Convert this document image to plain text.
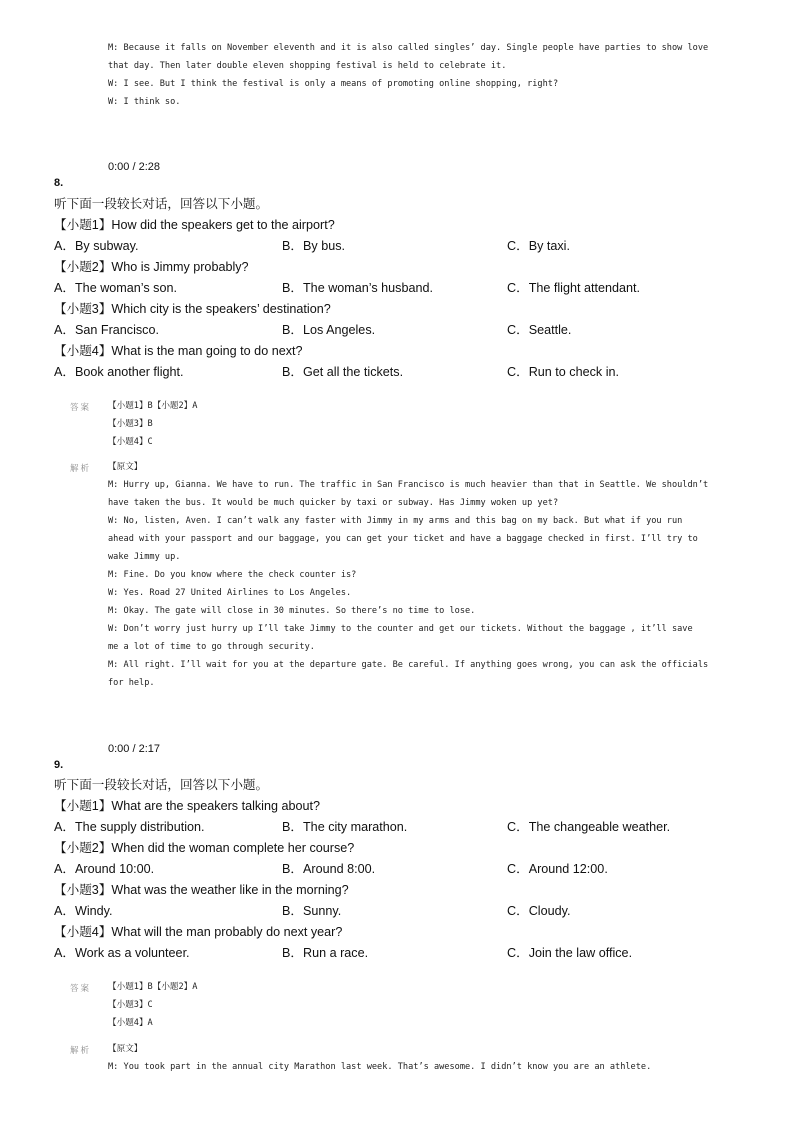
M: Because it falls on November eleventh and it is also called singles’ day. Single people have parties to show love
that day. Then later double eleven shopping festival is held to celebrate it.
W: I see. But I think the festival is only a means of promoting online shopping, right?
W: I think so.
0:00 / 2:28
8.
听下面一段较长对话，回答以下小题。
【小题1】How did the speakers get to the airport?
A．By subway.	B．By bus.	C．By taxi.
【小题2】Who is Jimmy probably?
A．The woman’s son.	B．The woman’s husband.	C．The flight attendant.
【小题3】Which city is the speakers’ destination?
A．San Francisco.	B．Los Angeles.	C．Seattle.
【小题4】What is the man going to do next?
A．Book another flight.	B．Get all the tickets.	C．Run to check in.
答案 【小题1】B【小题2】A
【小题3】B
【小题4】C
解析 【原文】
M: Hurry up, Gianna. We have to run. The traffic in San Francisco is much heavier than that in Seattle. We shouldn’t
have taken the bus. It would be much quicker by taxi or subway. Has Jimmy woken up yet?
W: No, listen, Aven. I can’t walk any faster with Jimmy in my arms and this bag on my back. But what if you run
ahead with your passport and our baggage, you can get your ticket and have a baggage checked in first. I’ll try to
wake Jimmy up.
M: Fine. Do you know where the check counter is?
W: Yes. Road 27 United Airlines to Los Angeles.
M: Okay. The gate will close in 30 minutes. So there’s no time to lose.
W: Don’t worry just hurry up I’ll take Jimmy to the counter and get our tickets. Without the baggage , it’ll save
me a lot of time to go through security.
M: All right. I’ll wait for you at the departure gate. Be careful. If anything goes wrong, you can ask the officials
for help.
0:00 / 2:17
9.
听下面一段较长对话，回答以下小题。
【小题1】What are the speakers talking about?
A．The supply distribution.	B．The city marathon.	C．The changeable weather.
【小题2】When did the woman complete her course?
A．Around 10:00.	B．Around 8:00.	C．Around 12:00.
【小题3】What was the weather like in the morning?
A．Windy.	B．Sunny.	C．Cloudy.
【小题4】What will the man probably do next year?
A．Work as a volunteer.	B．Run a race.	C．Join the law office.
答案 【小题1】B【小题2】A
【小题3】C
【小题4】A
解析 【原文】
M: You took part in the annual city Marathon last week. That’s awesome. I didn’t know you are an athlete.
